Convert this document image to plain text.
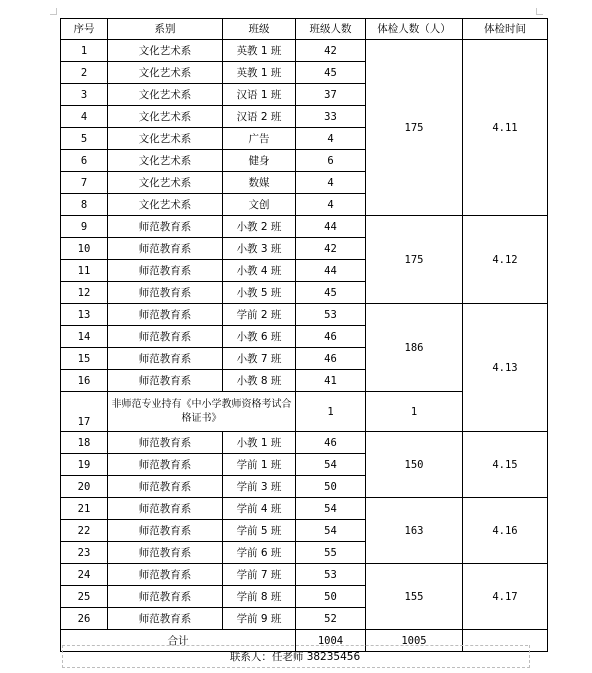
序号	系别	班级	班级人数	体检人数（人）	体检时间
1	文化艺术系	英教 1 班	42	175	4.11
2	文化艺术系	英教 1 班	45		
3	文化艺术系	汉语 1 班	37		
4	文化艺术系	汉语 2 班	33		
5	文化艺术系	广告	4		
6	文化艺术系	健身	6		
7	文化艺术系	数媒	4		
8	文化艺术系	文创	4		
9	师范教育系	小教 2 班	44	175	4.12
10	师范教育系	小教 3 班	42		
11	师范教育系	小教 4 班	44		
12	师范教育系	小教 5 班	45		
13	师范教育系	学前 2 班	53	186	4.13
14	师范教育系	小教 6 班	46		
15	师范教育系	小教 7 班	46		
16	师范教育系	小教 8 班	41		
17	非师范专业持有《中小学教师资格考试合格证书》		1	1	
18	师范教育系	小教 1 班	46	150	4.15
19	师范教育系	学前 1 班	54		
20	师范教育系	学前 3 班	50		
21	师范教育系	学前 4 班	54	163	4.16
22	师范教育系	学前 5 班	54		
23	师范教育系	学前 6 班	55		
24	师范教育系	学前 7 班	53	155	4.17
25	师范教育系	学前 8 班	50		
26	师范教育系	学前 9 班	52		
合计			1004	1005	
联系人：任老师 38235456
